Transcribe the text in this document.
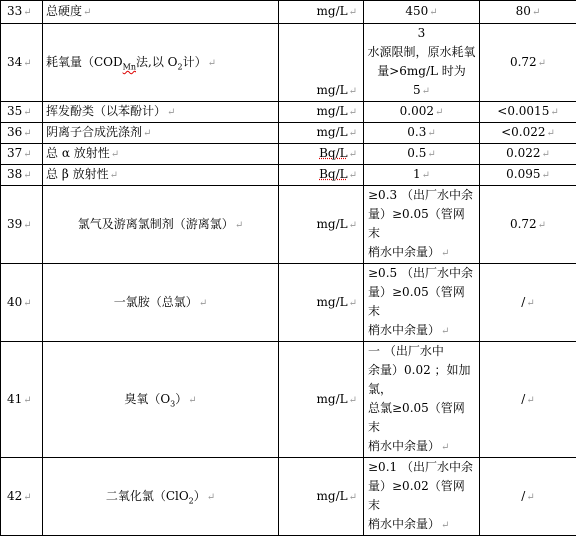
33↵	总硬度↵	mg/L↵	450↵	80↵
34↵	耗氧量（$COD_{Mn}$法,以 $O_2$计）↵	mg/L↵	3
水源限制，原水耗氧
量>6mg/L 时为 5↵	0.72↵
35↵	挥发酚类（以苯酚计）↵	mg/L↵	0.002↵	<0.0015↵
36↵	阴离子合成洗涤剂↵	mg/L↵	0.3↵	<0.022↵
37↵	总 α 放射性↵	Bq/L↵	0.5↵	0.022↵
38↵	总 β 放射性↵	Bq/L↵	1↵	0.095↵
39↵	氯气及游离氯制剂（游离氯）↵	mg/L↵	≥0.3 （出厂水中余
量）≥0.05（管网末
梢水中余量）↵	0.72↵
40↵	一氯胺（总氯）↵	mg/L↵	≥0.5 （出厂水中余
量）≥0.05（管网末
梢水中余量）↵	/↵
41↵	臭氧$(O_3)↵$	mg/L↵	一 （出厂水中
余量）0.02 ；如加氯，
总氯≥0.05（管网末
梢水中余量）↵	/↵
42↵	二氧化氯（ClO$_2$）↵	mg/L↵	≥0.1 （出厂水中余
量）≥0.02（管网末
梢水中余量）↵	/↵
